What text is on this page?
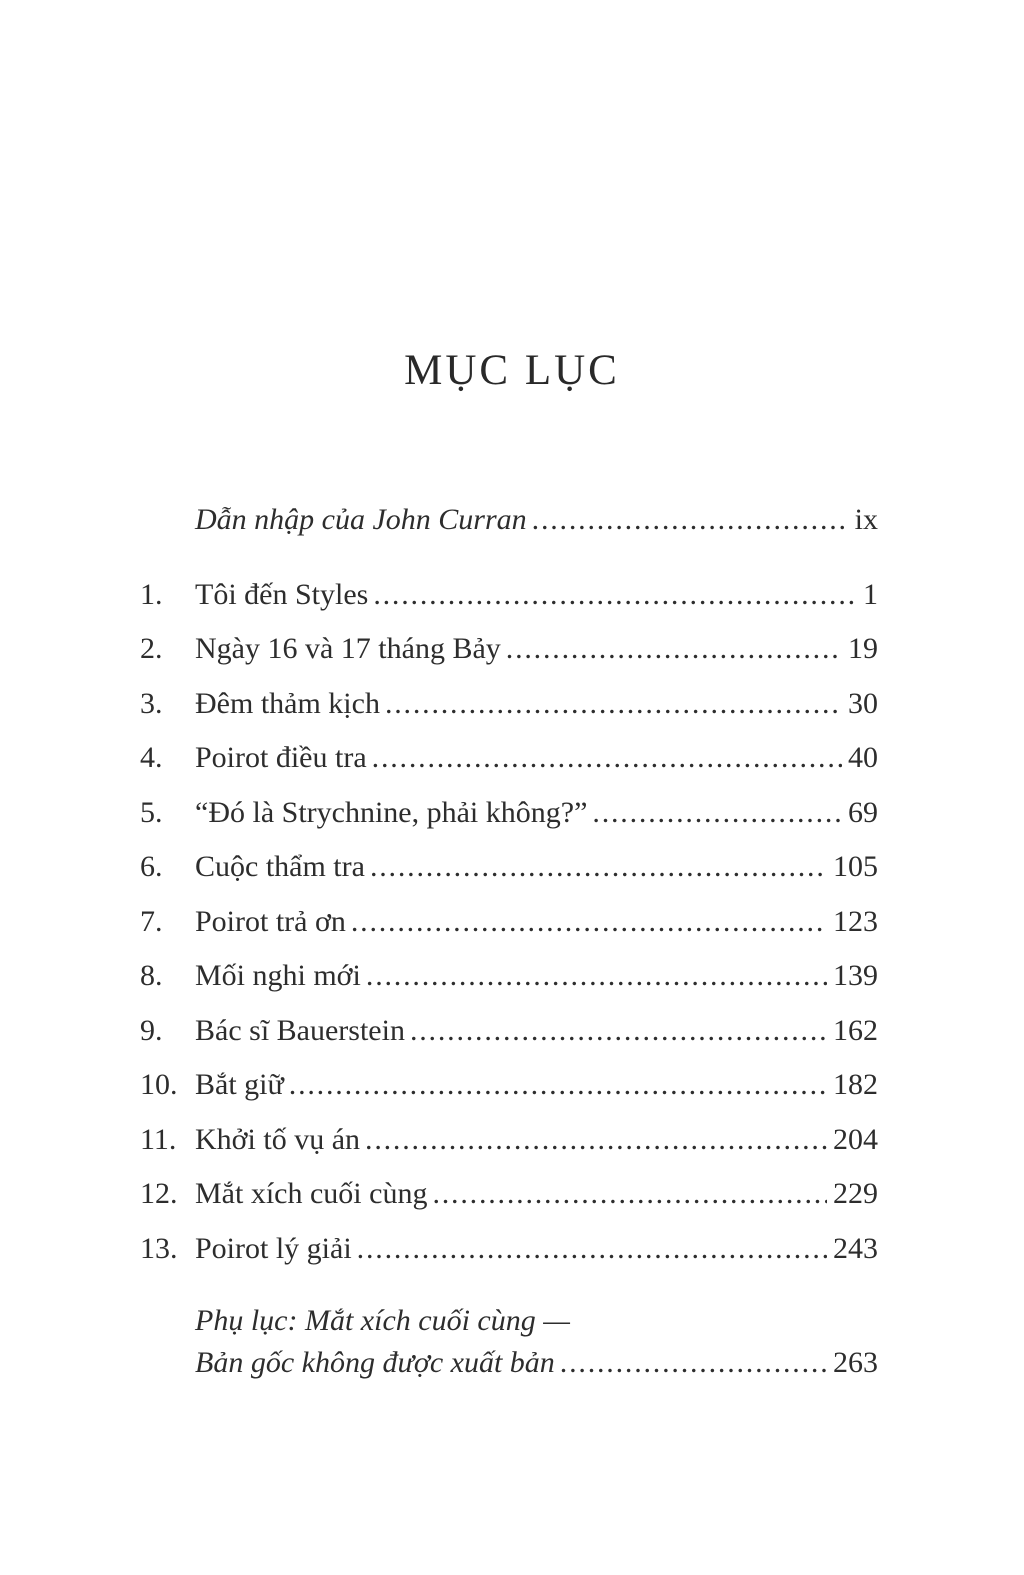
MỤC LỤC
Dẫn nhập của John Curran .....	ix
1.	Tôi đến Styles .....	1
2.	Ngày 16 và 17 tháng Bảy .....	19
3.	Đêm thảm kịch .....	30
4.	Poirot điều tra .....	40
5.	“Đó là Strychnine, phải không?” .....	69
6.	Cuộc thẩm tra .....	105
7.	Poirot trả ơn .....	123
8.	Mối nghi mới .....	139
9.	Bác sĩ Bauerstein .....	162
10. Bắt giữ .....	182
11. Khởi tố vụ án .....	204
12. Mắt xích cuối cùng .....	229
13. Poirot lý giải .....	243
Phụ lục: Mắt xích cuối cùng —
Bản gốc không được xuất bản .....	263
